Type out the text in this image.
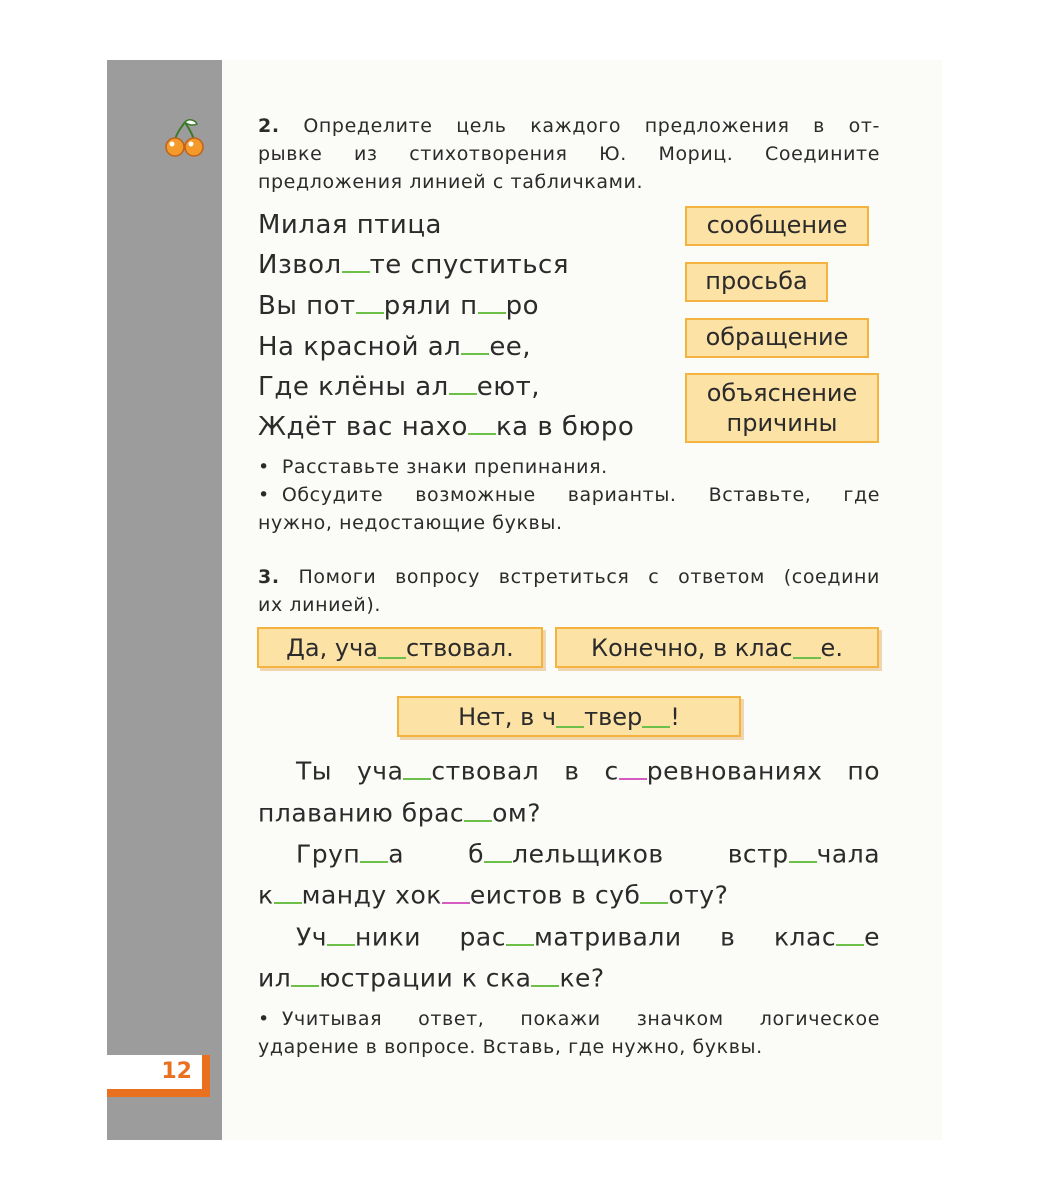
12

2. Определите цель каждого предложения в от-

рывке из стихотворения Ю. Мориц. Соедините

предложения линией с табличками.

Милая птица
Извол те спуститься
Вы пот ряли п ро
На красной ал ее,
Где клёны ал еют,
Ждёт вас нахо ка в бюро
сообщение
просьба
обращение
объяснение
причины

• Расставьте знаки препинания.

• Обсудите возможные варианты. Вставьте, где

нужно, недостающие буквы.

3. Помоги вопросу встретиться с ответом (соедини

их линией).

Да, уча ствовал.	Конечно, в клас е.
Нет, в ч твер !
Ты уча ствовал в с ревнованиях по
плаванию брас ом?
Груп а б лельщиков встр чала
к манду хок еистов в суб оту?
Уч ники рас матривали в клас е
ил юстрации к ска ке?

• Учитывая ответ, покажи значком логическое

ударение в вопросе. Вставь, где нужно, буквы.
